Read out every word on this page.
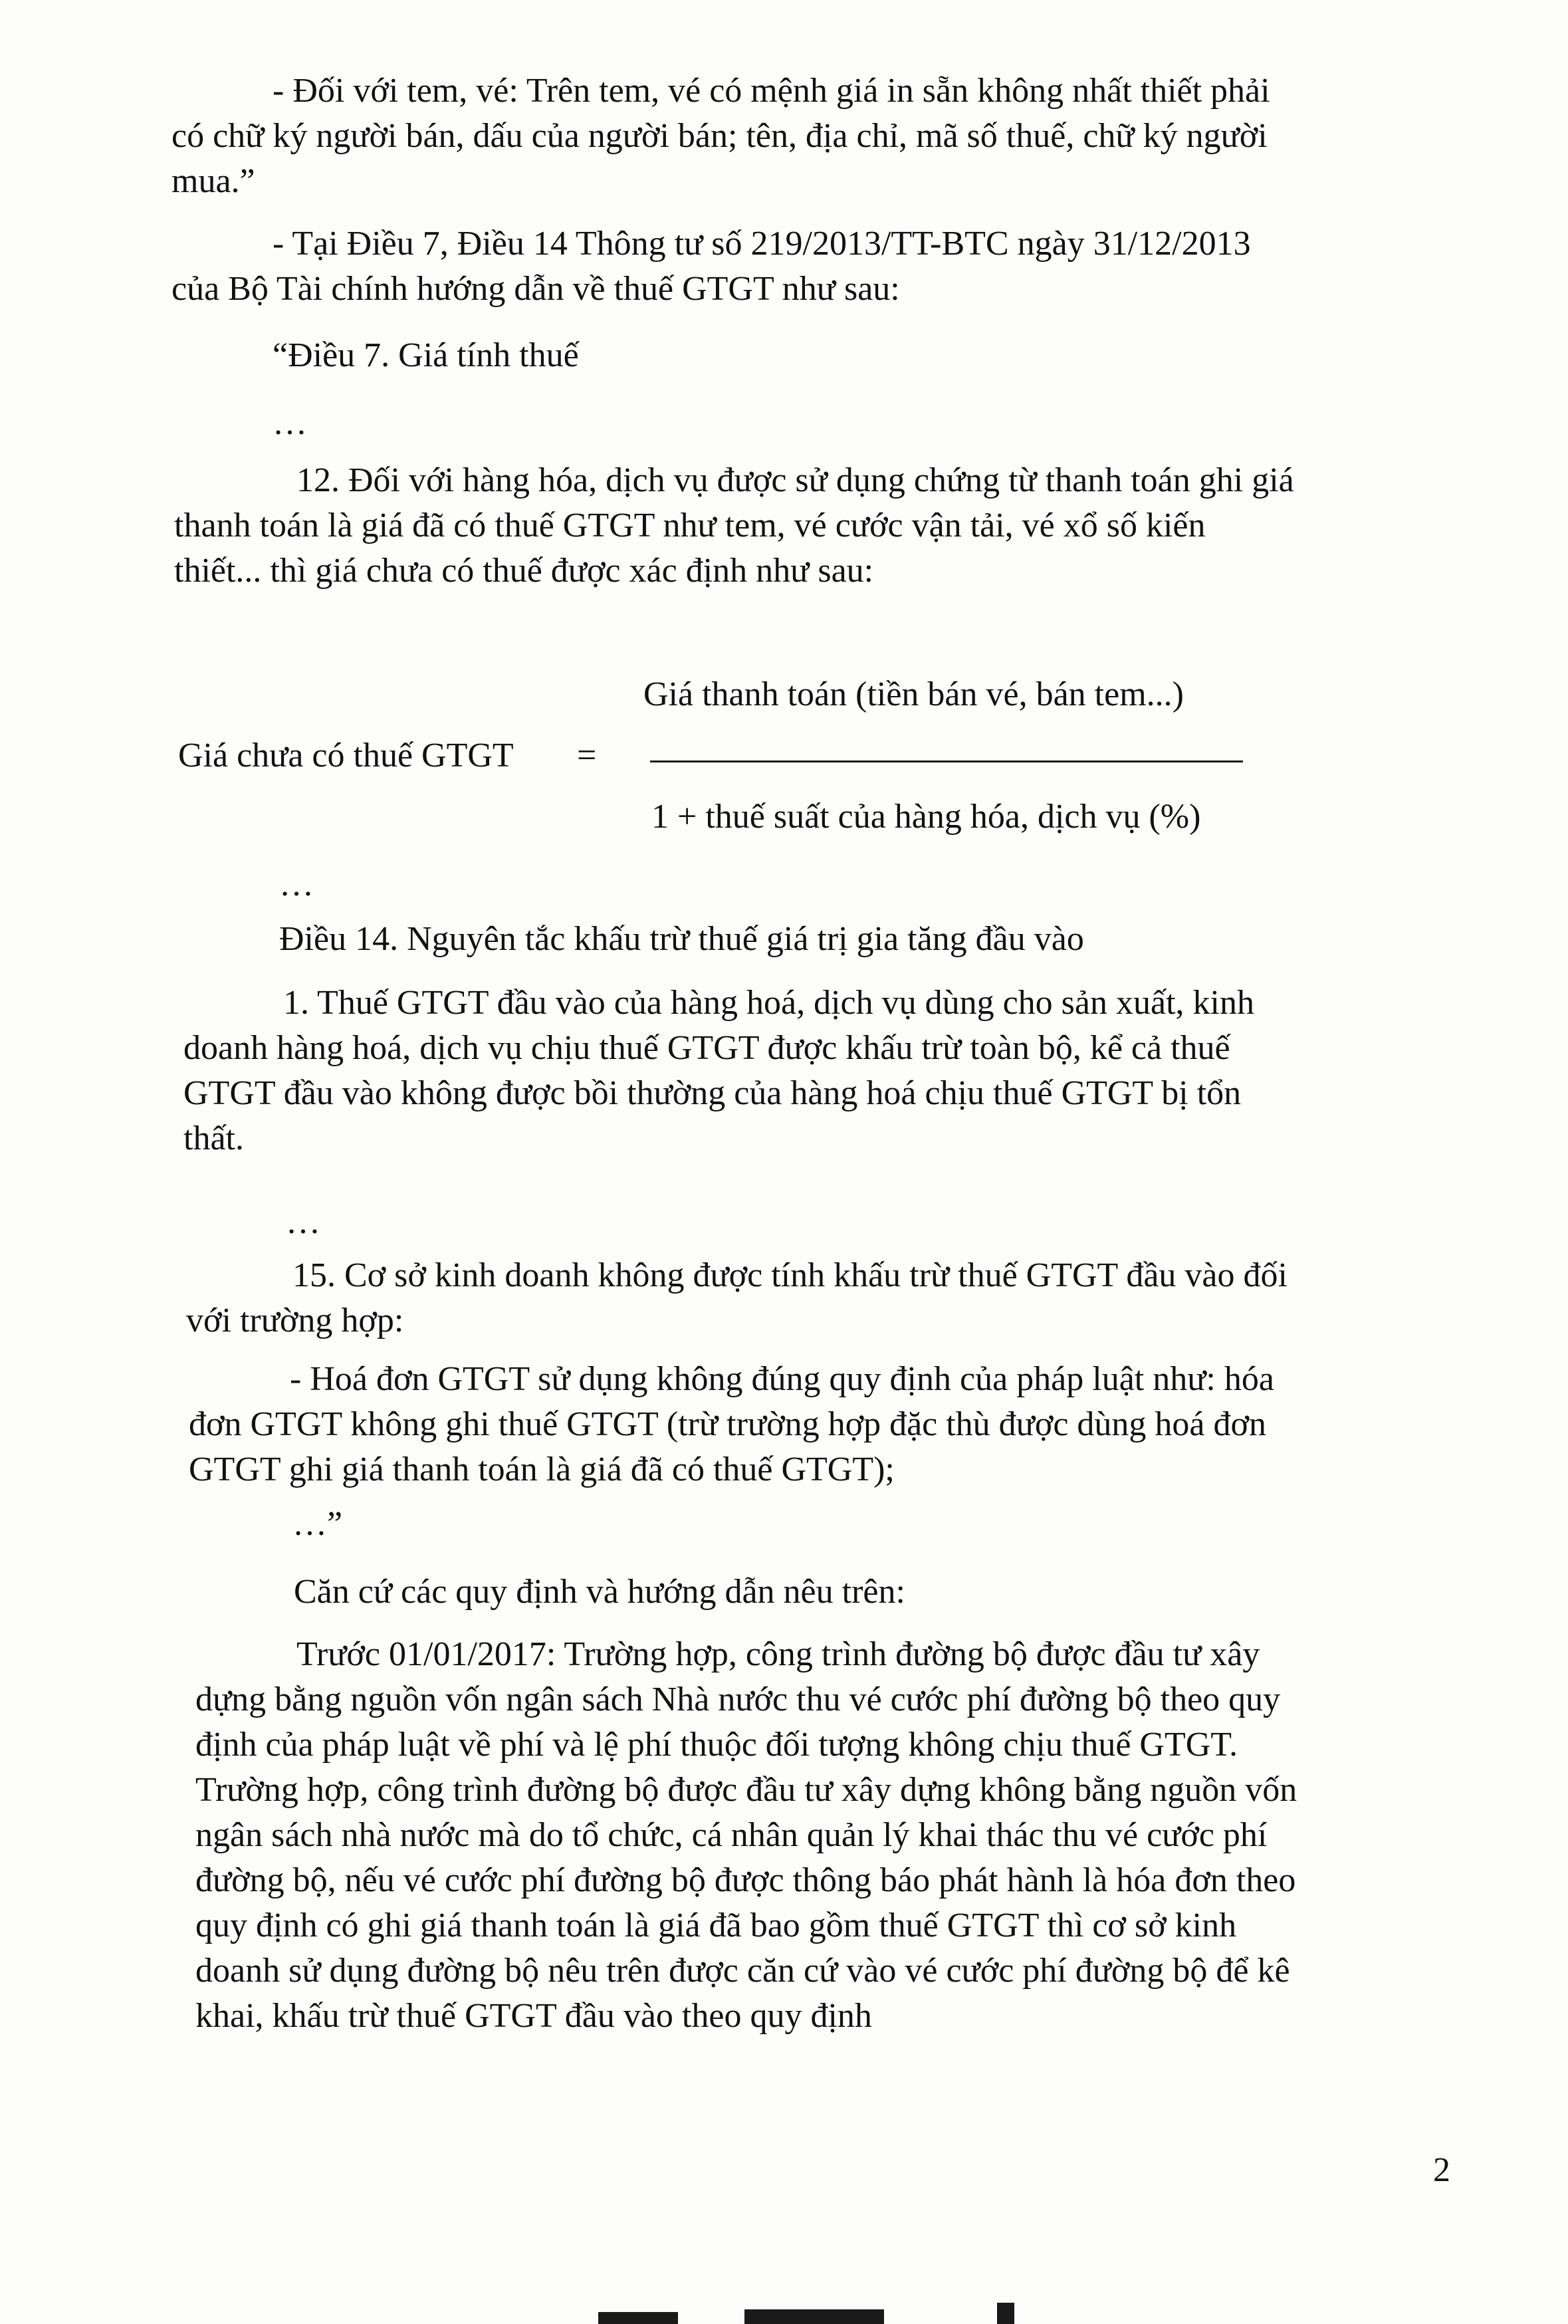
- Đối với tem, vé: Trên tem, vé có mệnh giá in sẵn không nhất thiết phải
có chữ ký người bán, dấu của người bán; tên, địa chỉ, mã số thuế, chữ ký người
mua.”
- Tại Điều 7, Điều 14 Thông tư số 219/2013/TT-BTC ngày 31/12/2013
của Bộ Tài chính hướng dẫn về thuế GTGT như sau:
“Điều 7. Giá tính thuế
…
12. Đối với hàng hóa, dịch vụ được sử dụng chứng từ thanh toán ghi giá
thanh toán là giá đã có thuế GTGT như tem, vé cước vận tải, vé xổ số kiến
thiết... thì giá chưa có thuế được xác định như sau:
Giá thanh toán (tiền bán vé, bán tem...)
Giá chưa có thuế GTGT =
1 + thuế suất của hàng hóa, dịch vụ (%)
…
Điều 14. Nguyên tắc khấu trừ thuế giá trị gia tăng đầu vào
1. Thuế GTGT đầu vào của hàng hoá, dịch vụ dùng cho sản xuất, kinh
doanh hàng hoá, dịch vụ chịu thuế GTGT được khấu trừ toàn bộ, kể cả thuế
GTGT đầu vào không được bồi thường của hàng hoá chịu thuế GTGT bị tổn
thất.
…
15. Cơ sở kinh doanh không được tính khấu trừ thuế GTGT đầu vào đối
với trường hợp:
- Hoá đơn GTGT sử dụng không đúng quy định của pháp luật như: hóa
đơn GTGT không ghi thuế GTGT (trừ trường hợp đặc thù được dùng hoá đơn
GTGT ghi giá thanh toán là giá đã có thuế GTGT);
…”
Căn cứ các quy định và hướng dẫn nêu trên:
Trước 01/01/2017: Trường hợp, công trình đường bộ được đầu tư xây
dựng bằng nguồn vốn ngân sách Nhà nước thu vé cước phí đường bộ theo quy
định của pháp luật về phí và lệ phí thuộc đối tượng không chịu thuế GTGT.
Trường hợp, công trình đường bộ được đầu tư xây dựng không bằng nguồn vốn
ngân sách nhà nước mà do tổ chức, cá nhân quản lý khai thác thu vé cước phí
đường bộ, nếu vé cước phí đường bộ được thông báo phát hành là hóa đơn theo
quy định có ghi giá thanh toán là giá đã bao gồm thuế GTGT thì cơ sở kinh
doanh sử dụng đường bộ nêu trên được căn cứ vào vé cước phí đường bộ để kê
khai, khấu trừ thuế GTGT đầu vào theo quy định
2
